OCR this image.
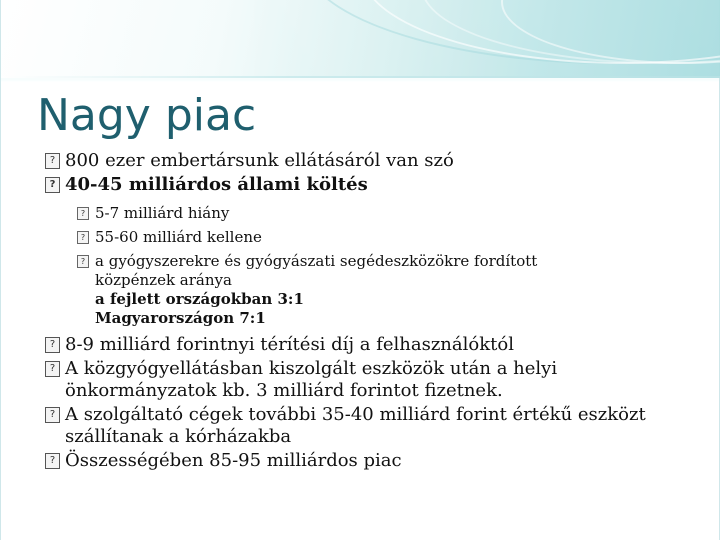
Nagy piac
?
800 ezer embertársunk ellátásáról van szó
?
40-45 milliárdos állami költés
?
5-7 milliárd hiány
?
55-60 milliárd kellene
?
a gyógyszerekre és gyógyászati segédeszközökre fordított
közpénzek aránya
a fejlett országokban 3:1
Magyarországon 7:1
?
8-9 milliárd forintnyi térítési díj a felhasználóktól
?
A közgyógyellátásban kiszolgált eszközök után a helyi
önkormányzatok kb. 3 milliárd forintot fizetnek.
?
A szolgáltató cégek további 35-40 milliárd forint értékű eszközt
szállítanak a kórházakba
?
Összességében 85-95 milliárdos piac
